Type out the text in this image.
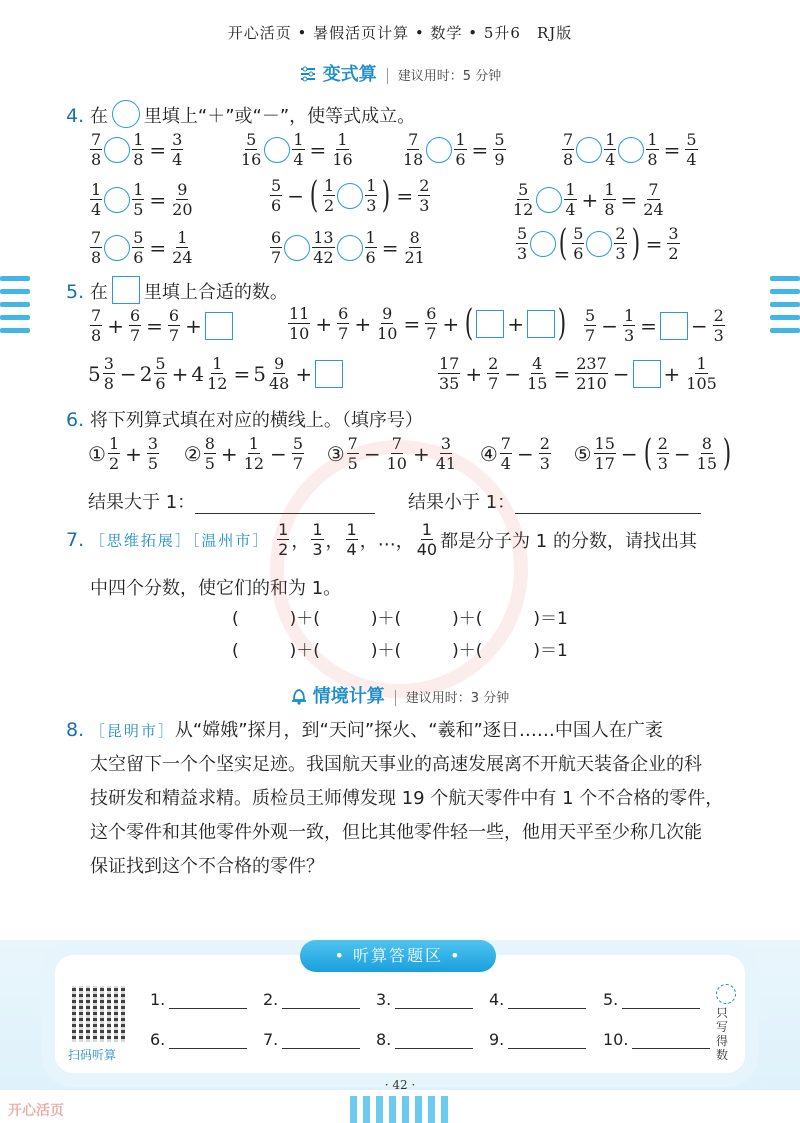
开心活页 • 暑假活页计算 • 数学 • 5升6　RJ版
变式算 建议用时：5 分钟
4. 在 里填上“＋”或“－”，使等式成立。
$\frac{7}{8} \frac{1}{8} = \frac{3}{4}$	$\frac{5}{16} \frac{1}{4} = \frac{1}{16}$	$\frac{7}{18} \frac{1}{6} = \frac{5}{9}$	$\frac{7}{8} \frac{1}{4} \frac{1}{8} = \frac{5}{4}$
$\frac{1}{4} \frac{1}{5} = \frac{9}{20}$	$\frac{5}{6}$ − ( $\frac{1}{2} \frac{1}{3}$ ) = $\frac{2}{3}$	$\frac{5}{12} \frac{1}{4} + \frac{1}{8} = \frac{7}{24}$
$\frac{7}{8} \frac{5}{6} = \frac{1}{24}$	$\frac{6}{7} \frac{13}{42} \frac{1}{6} = \frac{8}{21}$	$\frac{5}{3}$ ( $\frac{5}{6} \frac{2}{3}$ ) = $\frac{3}{2}$
5. 在 里填上合适的数。
$\frac{7}{8} + \frac{6}{7} = \frac{6}{7}$ +	$\frac{11}{10} + \frac{6}{7} + \frac{9}{10} = \frac{6}{7}$ + ( + ) $\frac{5}{7} - \frac{1}{3}$ = − $\frac{2}{3}$
$5 \frac{3}{8} - 2 \frac{5}{6} + 4 \frac{1}{12} = 5 \frac{9}{48}$ +	$\frac{17}{35} + \frac{2}{7} - \frac{4}{15} = \frac{237}{210}$ − + $\frac{1}{105}$
6. 将下列算式填在对应的横线上。（填序号）
① $\frac{1}{2} + \frac{3}{5}$ ② $\frac{8}{5} + \frac{1}{12} - \frac{5}{7}$ ③ $\frac{7}{5} - \frac{7}{10} + \frac{3}{41}$ ④ $\frac{7}{4} - \frac{2}{3}$ ⑤ $\frac{15}{17}$ − ( $\frac{2}{3} - \frac{8}{15}$ )
结果大于 1：	结果小于 1：
7. ［思维拓展］［温州市］ $\frac{1}{2}$ ， $\frac{1}{3}$ ， $\frac{1}{4}$ ，…， $\frac{1}{40}$ 都是分子为 1 的分数，请找出其
中四个分数，使它们的和为 1。
(　　　)＋(　　　)＋(　　　)＋(　　　)＝1
(　　　)＋(　　　)＋(　　　)＋(　　　)＝1
情境计算 建议用时：3 分钟
8. ［昆明市］从“嫦娥”探月，到“天问”探火、“羲和”逐日……中国人在广袤
太空留下一个个坚实足迹。我国航天事业的高速发展离不开航天装备企业的科
技研发和精益求精。质检员王师傅发现 19 个航天零件中有 1 个不合格的零件，
这个零件和其他零件外观一致，但比其他零件轻一些，他用天平至少称几次能
保证找到这个不合格的零件？
• 听算答题区 •
扫码听算
1.	2.	3.	4.	5.
6.	7.	8.	9.	10.
只写得数
· 42 ·
开心活页
